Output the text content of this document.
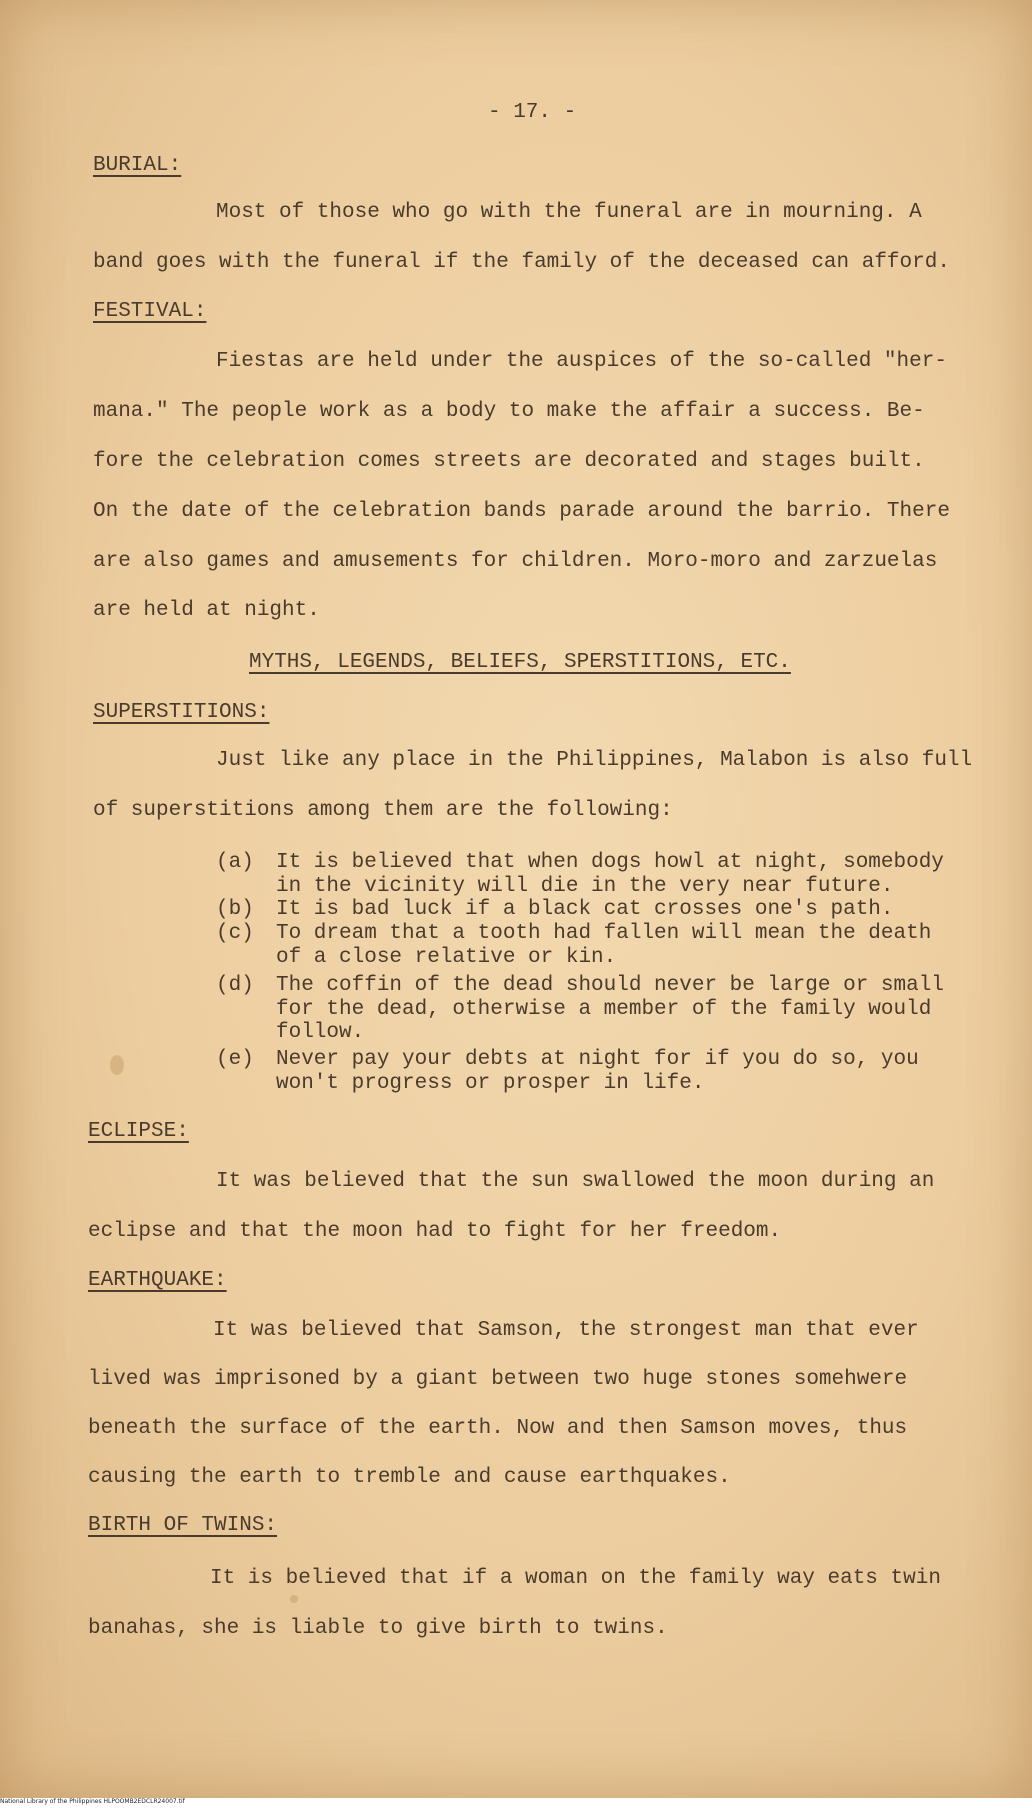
- 17. -

BURIAL:

Most of those who go with the funeral are in mourning. A

band goes with the funeral if the family of the deceased can afford.

FESTIVAL:

Fiestas are held under the auspices of the so-called "her-

mana." The people work as a body to make the affair a success. Be-

fore the celebration comes streets are decorated and stages built.

On the date of the celebration bands parade around the barrio. There

are also games and amusements for children. Moro-moro and zarzuelas

are held at night.

MYTHS, LEGENDS, BELIEFS, SPERSTITIONS, ETC.

SUPERSTITIONS:

Just like any place in the Philippines, Malabon is also full

of superstitions among them are the following:

(a) It is believed that when dogs howl at night, somebody

in the vicinity will die in the very near future.

(b) It is bad luck if a black cat crosses one's path.

(c) To dream that a tooth had fallen will mean the death

of a close relative or kin.

(d) The coffin of the dead should never be large or small

for the dead, otherwise a member of the family would

follow.

(e) Never pay your debts at night for if you do so, you

won't progress or prosper in life.

ECLIPSE:

It was believed that the sun swallowed the moon during an

eclipse and that the moon had to fight for her freedom.

EARTHQUAKE:

It was believed that Samson, the strongest man that ever

lived was imprisoned by a giant between two huge stones somehwere

beneath the surface of the earth. Now and then Samson moves, thus

causing the earth to tremble and cause earthquakes.

BIRTH OF TWINS:

It is believed that if a woman on the family way eats twin

banahas, she is liable to give birth to twins.

National Library of the Philippines HLPOOMB2EDCLR24007.tif
